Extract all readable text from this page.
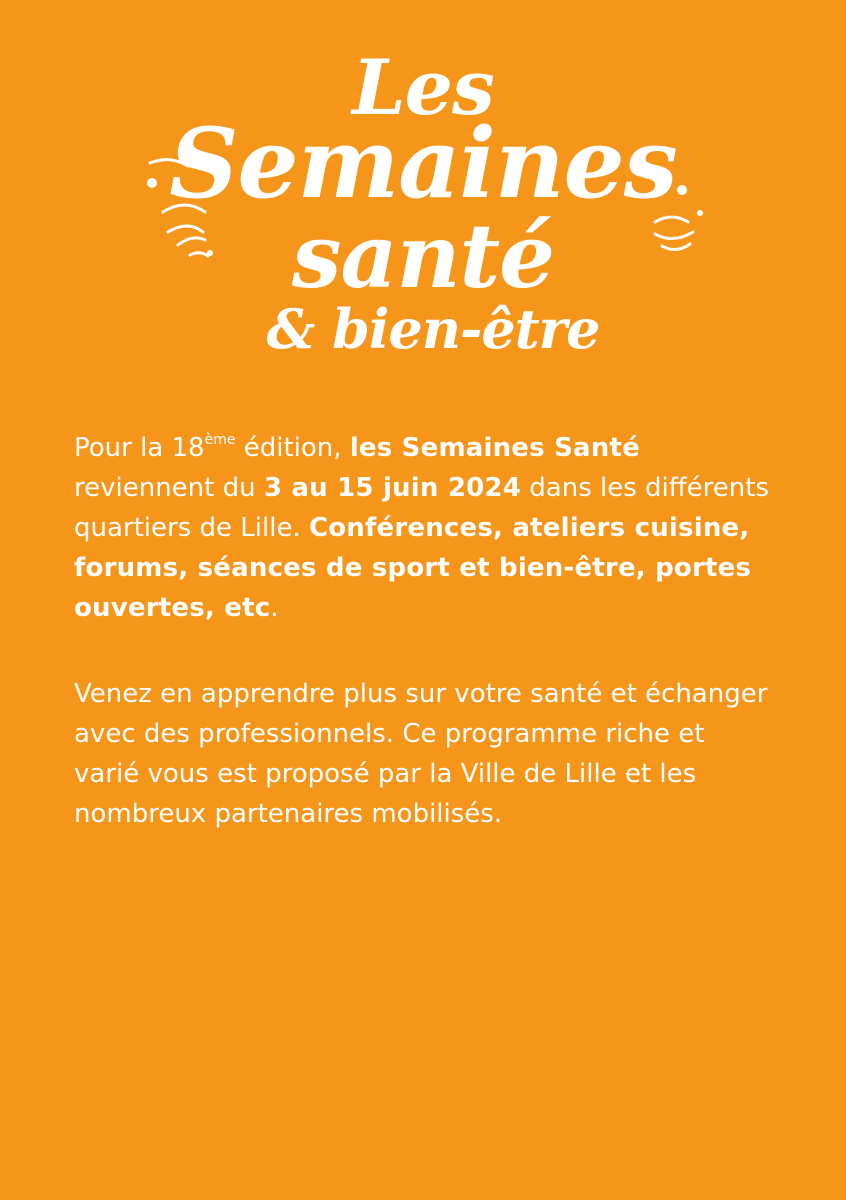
Les
Semaines
santé
& bien-être

Pour la 18ème édition, les Semaines Santé reviennent du 3 au 15 juin 2024 dans les différents quartiers de Lille. Conférences, ateliers cuisine, forums, séances de sport et bien-être, portes ouvertes, etc.

Venez en apprendre plus sur votre santé et échanger avec des professionnels. Ce programme riche et varié vous est proposé par la Ville de Lille et les nombreux partenaires mobilisés.
